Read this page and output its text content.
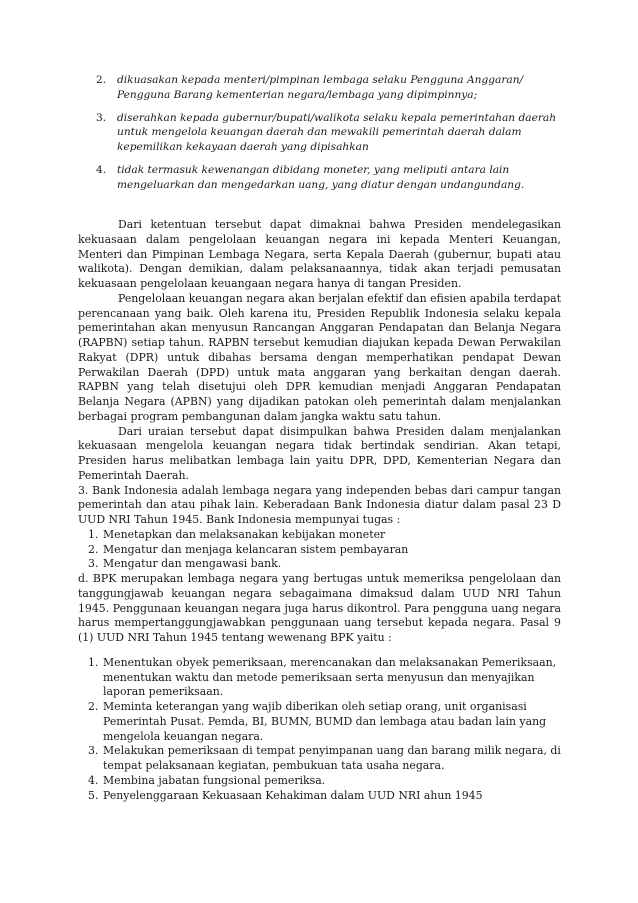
2. dikuasakan kepada menteri/pimpinan lembaga selaku Pengguna Anggaran/ Pengguna Barang kementerian negara/lembaga yang dipimpinnya;
3. diserahkan kepada gubernur/bupati/walikota selaku kepala pemerintahan daerah untuk mengelola keuangan daerah dan mewakili pemerintah daerah dalam kepemilikan kekayaan daerah yang dipisahkan
4. tidak termasuk kewenangan dibidang moneter, yang meliputi antara lain mengeluarkan dan mengedarkan uang, yang diatur dengan undangundang.

Dari ketentuan tersebut dapat dimaknai bahwa Presiden mendelegasikan kekuasaan dalam pengelolaan keuangan negara ini kepada Menteri Keuangan, Menteri dan Pimpinan Lembaga Negara, serta Kepala Daerah (gubernur, bupati atau walikota). Dengan demikian, dalam pelaksanaannya, tidak akan terjadi pemusatan kekuasaan pengelolaan keuangaan negara hanya di tangan Presiden.

Pengelolaan keuangan negara akan berjalan efektif dan efisien apabila terdapat perencanaan yang baik. Oleh karena itu, Presiden Republik Indonesia selaku kepala pemerintahan akan menyusun Rancangan Anggaran Pendapatan dan Belanja Negara (RAPBN) setiap tahun. RAPBN tersebut kemudian diajukan kepada Dewan Perwakilan Rakyat (DPR) untuk dibahas bersama dengan memperhatikan pendapat Dewan Perwakilan Daerah (DPD) untuk mata anggaran yang berkaitan dengan daerah. RAPBN yang telah disetujui oleh DPR kemudian menjadi Anggaran Pendapatan Belanja Negara (APBN) yang dijadikan patokan oleh pemerintah dalam menjalankan berbagai program pembangunan dalam jangka waktu satu tahun.

Dari uraian tersebut dapat disimpulkan bahwa Presiden dalam menjalankan kekuasaan mengelola keuangan negara tidak bertindak sendirian. Akan tetapi, Presiden harus melibatkan lembaga lain yaitu DPR, DPD, Kementerian Negara dan Pemerintah Daerah.

3. Bank Indonesia adalah lembaga negara yang independen bebas dari campur tangan pemerintah dan atau pihak lain. Keberadaan Bank Indonesia diatur dalam pasal 23 D UUD NRI Tahun 1945. Bank Indonesia mempunyai tugas :

1. Menetapkan dan melaksanakan kebijakan moneter
2. Mengatur dan menjaga kelancaran sistem pembayaran
3. Mengatur dan mengawasi bank.

d. BPK merupakan lembaga negara yang bertugas untuk memeriksa pengelolaan dan tanggungjawab keuangan negara sebagaimana dimaksud dalam UUD NRI Tahun 1945. Penggunaan keuangan negara juga harus dikontrol. Para pengguna uang negara harus mempertanggungjawabkan penggunaan uang tersebut kepada negara. Pasal 9 (1) UUD NRI Tahun 1945 tentang wewenang BPK yaitu :

1. Menentukan obyek pemeriksaan, merencanakan dan melaksanakan Pemeriksaan, menentukan waktu dan metode pemeriksaan serta menyusun dan menyajikan laporan pemeriksaan.
2. Meminta keterangan yang wajib diberikan oleh setiap orang, unit organisasi Pemerintah Pusat. Pemda, BI, BUMN, BUMD dan lembaga atau badan lain yang mengelola keuangan negara.
3. Melakukan pemeriksaan di tempat penyimpanan uang dan barang milik negara, di tempat pelaksanaan kegiatan, pembukuan tata usaha negara.
4. Membina jabatan fungsional pemeriksa.
5. Penyelenggaraan Kekuasaan Kehakiman dalam UUD NRI ahun 1945
